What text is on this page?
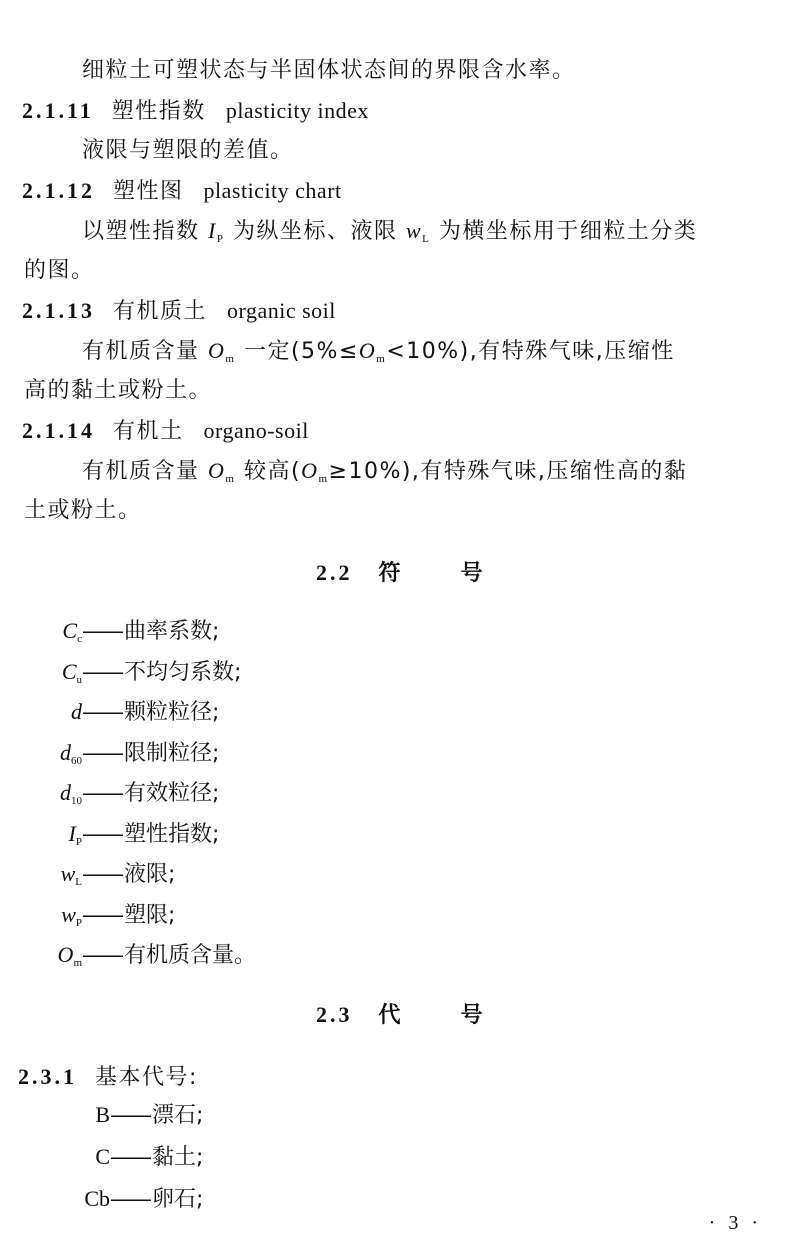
细粒土可塑状态与半固体状态间的界限含水率。
2.1.11 塑性指数 plasticity index
液限与塑限的差值。
2.1.12 塑性图 plasticity chart
以塑性指数 $I_P$ 为纵坐标、液限 $w_L$ 为横坐标用于细粒土分类
的图。
2.1.13 有机质土 organic soil
有机质含量 $O_m$ 一定$(5\%\le O_m<10\%)$,有特殊气味,压缩性
高的黏土或粉土。
2.1.14 有机土 organo-soil
有机质含量 $O_m$ 较高$(O_m\ge 10\%)$,有特殊气味,压缩性高的黏
土或粉土。
2.2 符	号
$C_c——$曲率系数;
$C_u——$不均匀系数;
d——颗粒粒径;
$d_{60}——$限制粒径;
$d_{10}——$有效粒径;
$I_P——$塑性指数;
$w_L——$液限;
$w_P——$塑限;
$O_m——$有机质含量。
2.3 代	号
2.3.1 基本代号:
B——漂石;
C——黏土;
Cb——卵石;
· 3 ·
